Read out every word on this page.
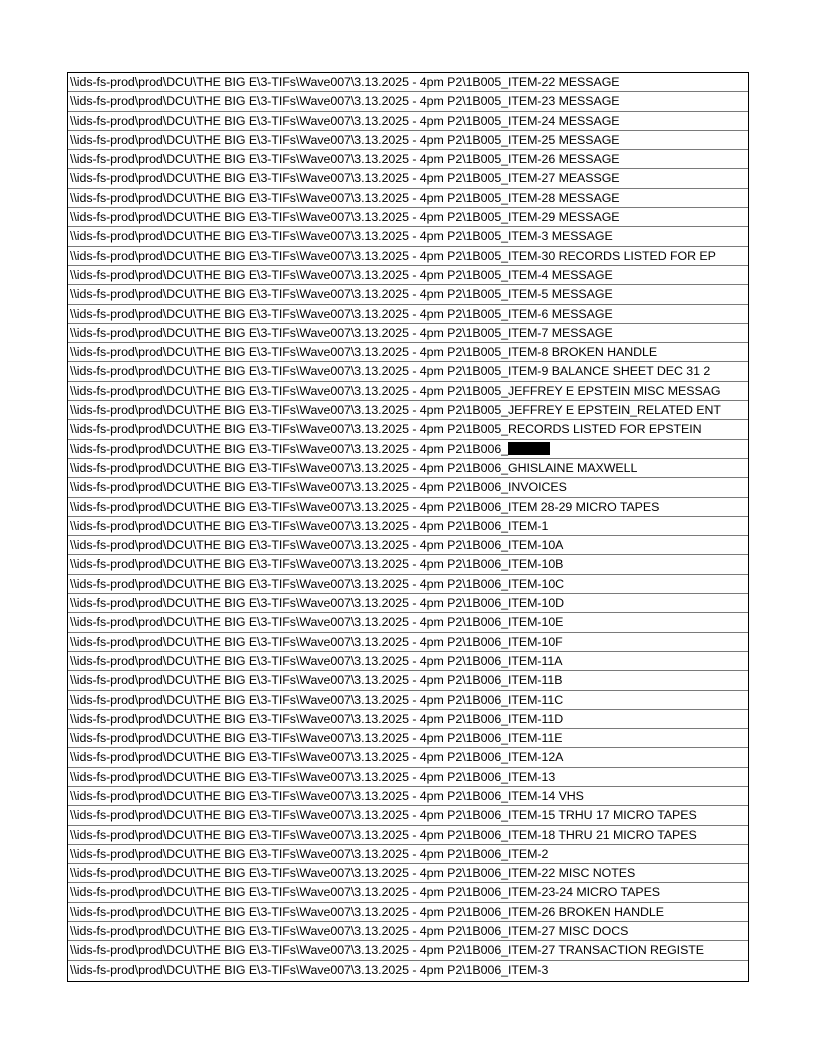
\\ids-fs-prod\prod\DCU\THE BIG E\3-TIFs\Wave007\3.13.2025 - 4pm P2\1B005_ITEM-22 MESSAGE
\\ids-fs-prod\prod\DCU\THE BIG E\3-TIFs\Wave007\3.13.2025 - 4pm P2\1B005_ITEM-23 MESSAGE
\\ids-fs-prod\prod\DCU\THE BIG E\3-TIFs\Wave007\3.13.2025 - 4pm P2\1B005_ITEM-24 MESSAGE
\\ids-fs-prod\prod\DCU\THE BIG E\3-TIFs\Wave007\3.13.2025 - 4pm P2\1B005_ITEM-25 MESSAGE
\\ids-fs-prod\prod\DCU\THE BIG E\3-TIFs\Wave007\3.13.2025 - 4pm P2\1B005_ITEM-26 MESSAGE
\\ids-fs-prod\prod\DCU\THE BIG E\3-TIFs\Wave007\3.13.2025 - 4pm P2\1B005_ITEM-27 MEASSGE
\\ids-fs-prod\prod\DCU\THE BIG E\3-TIFs\Wave007\3.13.2025 - 4pm P2\1B005_ITEM-28 MESSAGE
\\ids-fs-prod\prod\DCU\THE BIG E\3-TIFs\Wave007\3.13.2025 - 4pm P2\1B005_ITEM-29 MESSAGE
\\ids-fs-prod\prod\DCU\THE BIG E\3-TIFs\Wave007\3.13.2025 - 4pm P2\1B005_ITEM-3 MESSAGE
\\ids-fs-prod\prod\DCU\THE BIG E\3-TIFs\Wave007\3.13.2025 - 4pm P2\1B005_ITEM-30 RECORDS LISTED FOR EP
\\ids-fs-prod\prod\DCU\THE BIG E\3-TIFs\Wave007\3.13.2025 - 4pm P2\1B005_ITEM-4 MESSAGE
\\ids-fs-prod\prod\DCU\THE BIG E\3-TIFs\Wave007\3.13.2025 - 4pm P2\1B005_ITEM-5 MESSAGE
\\ids-fs-prod\prod\DCU\THE BIG E\3-TIFs\Wave007\3.13.2025 - 4pm P2\1B005_ITEM-6 MESSAGE
\\ids-fs-prod\prod\DCU\THE BIG E\3-TIFs\Wave007\3.13.2025 - 4pm P2\1B005_ITEM-7 MESSAGE
\\ids-fs-prod\prod\DCU\THE BIG E\3-TIFs\Wave007\3.13.2025 - 4pm P2\1B005_ITEM-8 BROKEN HANDLE
\\ids-fs-prod\prod\DCU\THE BIG E\3-TIFs\Wave007\3.13.2025 - 4pm P2\1B005_ITEM-9 BALANCE SHEET DEC 31 2
\\ids-fs-prod\prod\DCU\THE BIG E\3-TIFs\Wave007\3.13.2025 - 4pm P2\1B005_JEFFREY E EPSTEIN MISC MESSAG
\\ids-fs-prod\prod\DCU\THE BIG E\3-TIFs\Wave007\3.13.2025 - 4pm P2\1B005_JEFFREY E EPSTEIN_RELATED ENT
\\ids-fs-prod\prod\DCU\THE BIG E\3-TIFs\Wave007\3.13.2025 - 4pm P2\1B005_RECORDS LISTED FOR EPSTEIN
\\ids-fs-prod\prod\DCU\THE BIG E\3-TIFs\Wave007\3.13.2025 - 4pm P2\1B006_
\\ids-fs-prod\prod\DCU\THE BIG E\3-TIFs\Wave007\3.13.2025 - 4pm P2\1B006_GHISLAINE MAXWELL
\\ids-fs-prod\prod\DCU\THE BIG E\3-TIFs\Wave007\3.13.2025 - 4pm P2\1B006_INVOICES
\\ids-fs-prod\prod\DCU\THE BIG E\3-TIFs\Wave007\3.13.2025 - 4pm P2\1B006_ITEM 28-29 MICRO TAPES
\\ids-fs-prod\prod\DCU\THE BIG E\3-TIFs\Wave007\3.13.2025 - 4pm P2\1B006_ITEM-1
\\ids-fs-prod\prod\DCU\THE BIG E\3-TIFs\Wave007\3.13.2025 - 4pm P2\1B006_ITEM-10A
\\ids-fs-prod\prod\DCU\THE BIG E\3-TIFs\Wave007\3.13.2025 - 4pm P2\1B006_ITEM-10B
\\ids-fs-prod\prod\DCU\THE BIG E\3-TIFs\Wave007\3.13.2025 - 4pm P2\1B006_ITEM-10C
\\ids-fs-prod\prod\DCU\THE BIG E\3-TIFs\Wave007\3.13.2025 - 4pm P2\1B006_ITEM-10D
\\ids-fs-prod\prod\DCU\THE BIG E\3-TIFs\Wave007\3.13.2025 - 4pm P2\1B006_ITEM-10E
\\ids-fs-prod\prod\DCU\THE BIG E\3-TIFs\Wave007\3.13.2025 - 4pm P2\1B006_ITEM-10F
\\ids-fs-prod\prod\DCU\THE BIG E\3-TIFs\Wave007\3.13.2025 - 4pm P2\1B006_ITEM-11A
\\ids-fs-prod\prod\DCU\THE BIG E\3-TIFs\Wave007\3.13.2025 - 4pm P2\1B006_ITEM-11B
\\ids-fs-prod\prod\DCU\THE BIG E\3-TIFs\Wave007\3.13.2025 - 4pm P2\1B006_ITEM-11C
\\ids-fs-prod\prod\DCU\THE BIG E\3-TIFs\Wave007\3.13.2025 - 4pm P2\1B006_ITEM-11D
\\ids-fs-prod\prod\DCU\THE BIG E\3-TIFs\Wave007\3.13.2025 - 4pm P2\1B006_ITEM-11E
\\ids-fs-prod\prod\DCU\THE BIG E\3-TIFs\Wave007\3.13.2025 - 4pm P2\1B006_ITEM-12A
\\ids-fs-prod\prod\DCU\THE BIG E\3-TIFs\Wave007\3.13.2025 - 4pm P2\1B006_ITEM-13
\\ids-fs-prod\prod\DCU\THE BIG E\3-TIFs\Wave007\3.13.2025 - 4pm P2\1B006_ITEM-14 VHS
\\ids-fs-prod\prod\DCU\THE BIG E\3-TIFs\Wave007\3.13.2025 - 4pm P2\1B006_ITEM-15 TRHU 17 MICRO TAPES
\\ids-fs-prod\prod\DCU\THE BIG E\3-TIFs\Wave007\3.13.2025 - 4pm P2\1B006_ITEM-18 THRU 21 MICRO TAPES
\\ids-fs-prod\prod\DCU\THE BIG E\3-TIFs\Wave007\3.13.2025 - 4pm P2\1B006_ITEM-2
\\ids-fs-prod\prod\DCU\THE BIG E\3-TIFs\Wave007\3.13.2025 - 4pm P2\1B006_ITEM-22 MISC NOTES
\\ids-fs-prod\prod\DCU\THE BIG E\3-TIFs\Wave007\3.13.2025 - 4pm P2\1B006_ITEM-23-24 MICRO TAPES
\\ids-fs-prod\prod\DCU\THE BIG E\3-TIFs\Wave007\3.13.2025 - 4pm P2\1B006_ITEM-26 BROKEN HANDLE
\\ids-fs-prod\prod\DCU\THE BIG E\3-TIFs\Wave007\3.13.2025 - 4pm P2\1B006_ITEM-27 MISC DOCS
\\ids-fs-prod\prod\DCU\THE BIG E\3-TIFs\Wave007\3.13.2025 - 4pm P2\1B006_ITEM-27 TRANSACTION REGISTE
\\ids-fs-prod\prod\DCU\THE BIG E\3-TIFs\Wave007\3.13.2025 - 4pm P2\1B006_ITEM-3
